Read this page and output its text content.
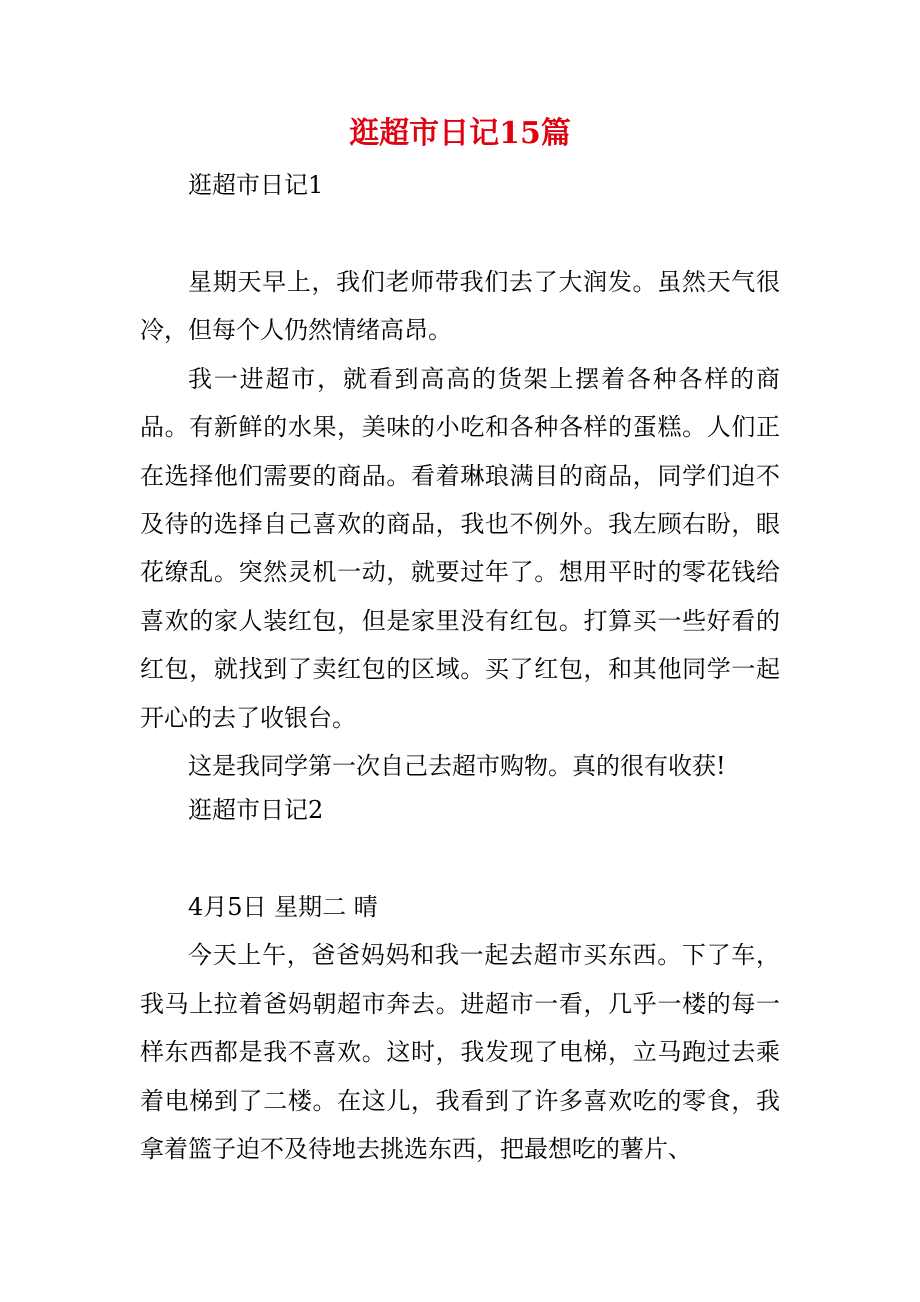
逛超市日记15篇

逛超市日记1

星期天早上，我们老师带我们去了大润发。虽然天气很冷，但每个人仍然情绪高昂。

我一进超市，就看到高高的货架上摆着各种各样的商品。有新鲜的水果，美味的小吃和各种各样的蛋糕。人们正在选择他们需要的商品。看着琳琅满目的商品，同学们迫不及待的选择自己喜欢的商品，我也不例外。我左顾右盼，眼花缭乱。突然灵机一动，就要过年了。想用平时的零花钱给喜欢的家人装红包，但是家里没有红包。打算买一些好看的红包，就找到了卖红包的区域。买了红包，和其他同学一起开心的去了收银台。

这是我同学第一次自己去超市购物。真的很有收获!

逛超市日记2

4月5日 星期二 晴

今天上午，爸爸妈妈和我一起去超市买东西。下了车，我马上拉着爸妈朝超市奔去。进超市一看，几乎一楼的每一样东西都是我不喜欢。这时，我发现了电梯，立马跑过去乘着电梯到了二楼。在这儿，我看到了许多喜欢吃的零食，我拿着篮子迫不及待地去挑选东西，把最想吃的薯片、
